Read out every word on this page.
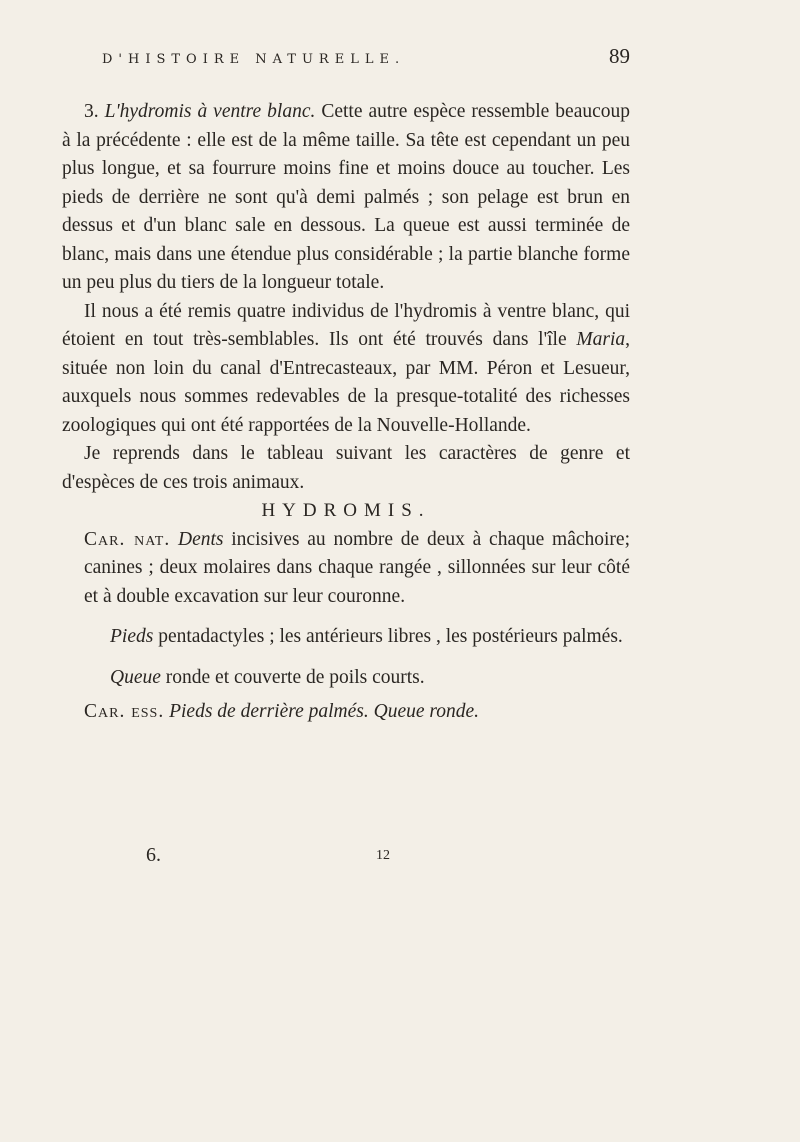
D'HISTOIRE NATURELLE.	89

3. L'hydromis à ventre blanc. Cette autre espèce ressemble beaucoup à la précédente : elle est de la même taille. Sa tête est cependant un peu plus longue, et sa fourrure moins fine et moins douce au toucher. Les pieds de derrière ne sont qu'à demi palmés ; son pelage est brun en dessus et d'un blanc sale en dessous. La queue est aussi terminée de blanc, mais dans une étendue plus considérable ; la partie blanche forme un peu plus du tiers de la longueur totale.

Il nous a été remis quatre individus de l'hydromis à ventre blanc, qui étoient en tout très-semblables. Ils ont été trouvés dans l'île Maria, située non loin du canal d'Entrecasteaux, par MM. Péron et Lesueur, auxquels nous sommes redevables de la presque-totalité des richesses zoologiques qui ont été rapportées de la Nouvelle-Hollande.

Je reprends dans le tableau suivant les caractères de genre et d'espèces de ces trois animaux.

HYDROMIS.

Car. nat. Dents incisives au nombre de deux à chaque mâchoire; canines ; deux molaires dans chaque rangée , sillonnées sur leur côté et à double excavation sur leur couronne.

Pieds pentadactyles ; les antérieurs libres , les postérieurs palmés.

Queue ronde et couverte de poils courts.

Car. ess. Pieds de derrière palmés. Queue ronde.

6.	12
